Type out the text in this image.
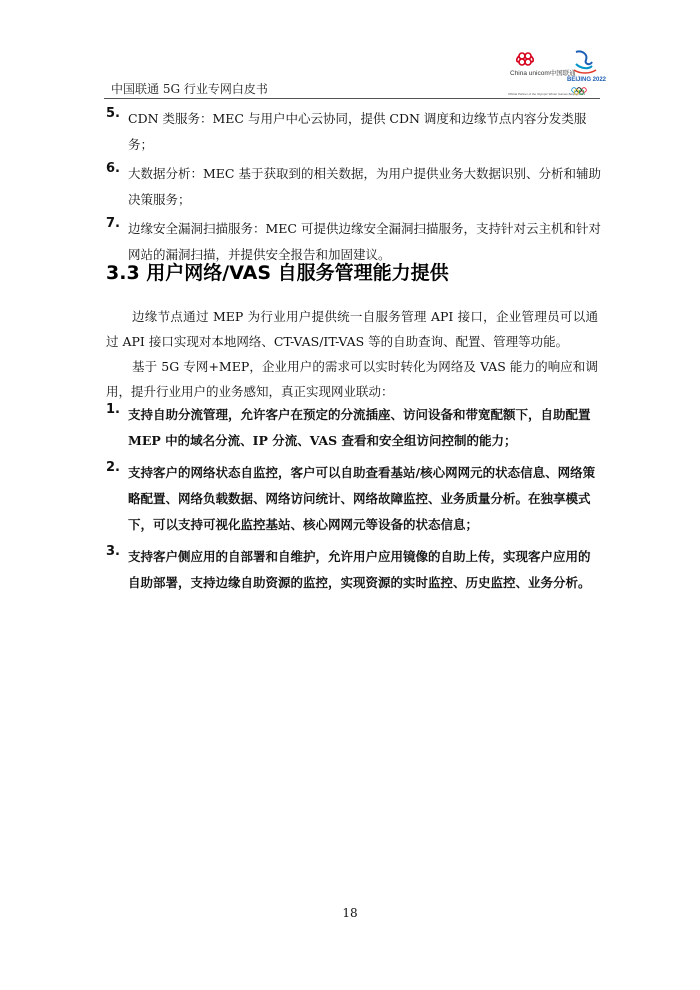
China unicom中国联通
BEIJING 2022
Official Partner of the Olympic Winter Games Beijing 2022
中国联通 5G 行业专网白皮书
5. CDN 类服务：MEC 与用户中心云协同，提供 CDN 调度和边缘节点内容分发类服务；
6. 大数据分析：MEC 基于获取到的相关数据，为用户提供业务大数据识别、分析和辅助决策服务；
7. 边缘安全漏洞扫描服务：MEC 可提供边缘安全漏洞扫描服务，支持针对云主机和针对网站的漏洞扫描，并提供安全报告和加固建议。
3.3 用户网络/VAS 自服务管理能力提供
边缘节点通过 MEP 为行业用户提供统一自服务管理 API 接口，企业管理员可以通过 API 接口实现对本地网络、CT-VAS/IT-VAS 等的自助查询、配置、管理等功能。
基于 5G 专网+MEP，企业用户的需求可以实时转化为网络及 VAS 能力的响应和调用，提升行业用户的业务感知，真正实现网业联动：
1. 支持自助分流管理，允许客户在预定的分流插座、访问设备和带宽配额下，自助配置 MEP 中的域名分流、IP 分流、VAS 查看和安全组访问控制的能力；
2. 支持客户的网络状态自监控，客户可以自助查看基站/核心网网元的状态信息、网络策略配置、网络负载数据、网络访问统计、网络故障监控、业务质量分析。在独享模式下，可以支持可视化监控基站、核心网网元等设备的状态信息；
3. 支持客户侧应用的自部署和自维护，允许用户应用镜像的自助上传，实现客户应用的自助部署，支持边缘自助资源的监控，实现资源的实时监控、历史监控、业务分析。
18
